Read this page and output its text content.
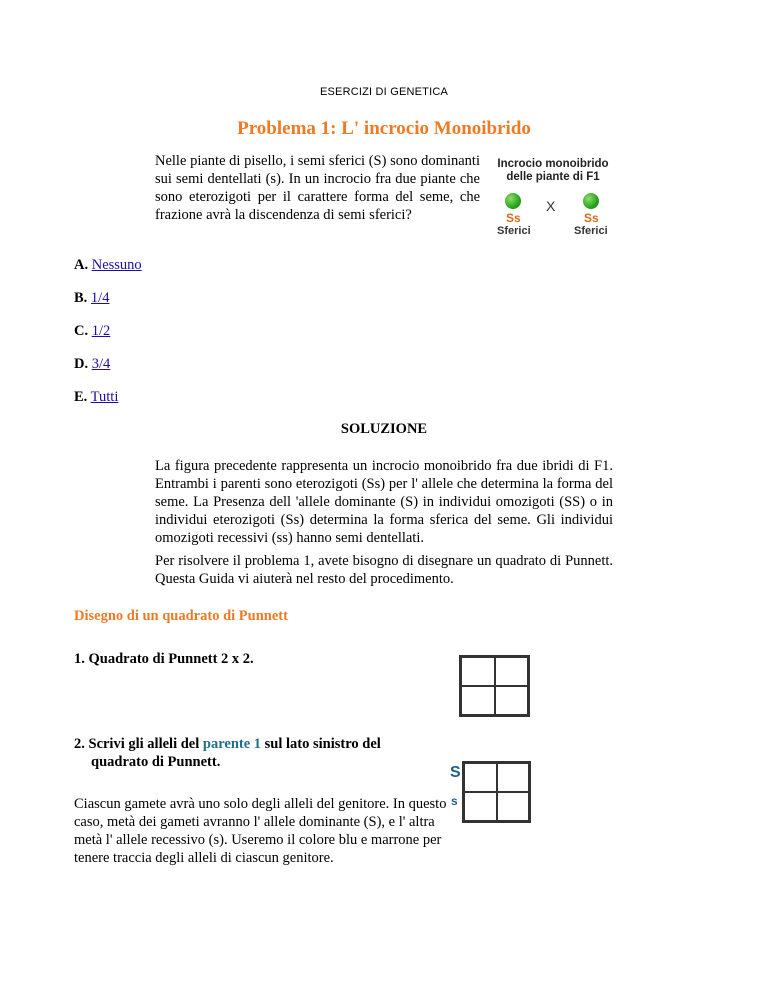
ESERCIZI DI GENETICA
Problema 1: L' incrocio Monoibrido
Nelle piante di pisello, i semi sferici (S) sono dominanti sui semi dentellati (s). In un incrocio fra due piante che sono eterozigoti per il carattere forma del seme, che frazione avrà la discendenza di semi sferici?
Incrocio monoibrido
delle piante di F1
X
Ss	Ss
Sferici	Sferici
A. Nessuno
B. 1/4
C. 1/2
D. 3/4
E. Tutti
SOLUZIONE
La figura precedente rappresenta un incrocio monoibrido fra due ibridi di F1. Entrambi i parenti sono eterozigoti (Ss) per l' allele che determina la forma del seme. La Presenza dell 'allele dominante (S) in individui omozigoti (SS) o in individui eterozigoti (Ss) determina la forma sferica del seme. Gli individui omozigoti recessivi (ss) hanno semi dentellati.
Per risolvere il problema 1, avete bisogno di disegnare un quadrato di Punnett. Questa Guida vi aiuterà nel resto del procedimento.
Disegno di un quadrato di Punnett
1. Quadrato di Punnett 2 x 2.
2. Scrivi gli alleli del parente 1 sul lato sinistro del
quadrato di Punnett.
Ciascun gamete avrà uno solo degli alleli del genitore. In questo caso, metà dei gameti avranno l' allele dominante (S), e l' altra metà l' allele recessivo (s). Useremo il colore blu e marrone per tenere traccia degli alleli di ciascun genitore.
S
s
